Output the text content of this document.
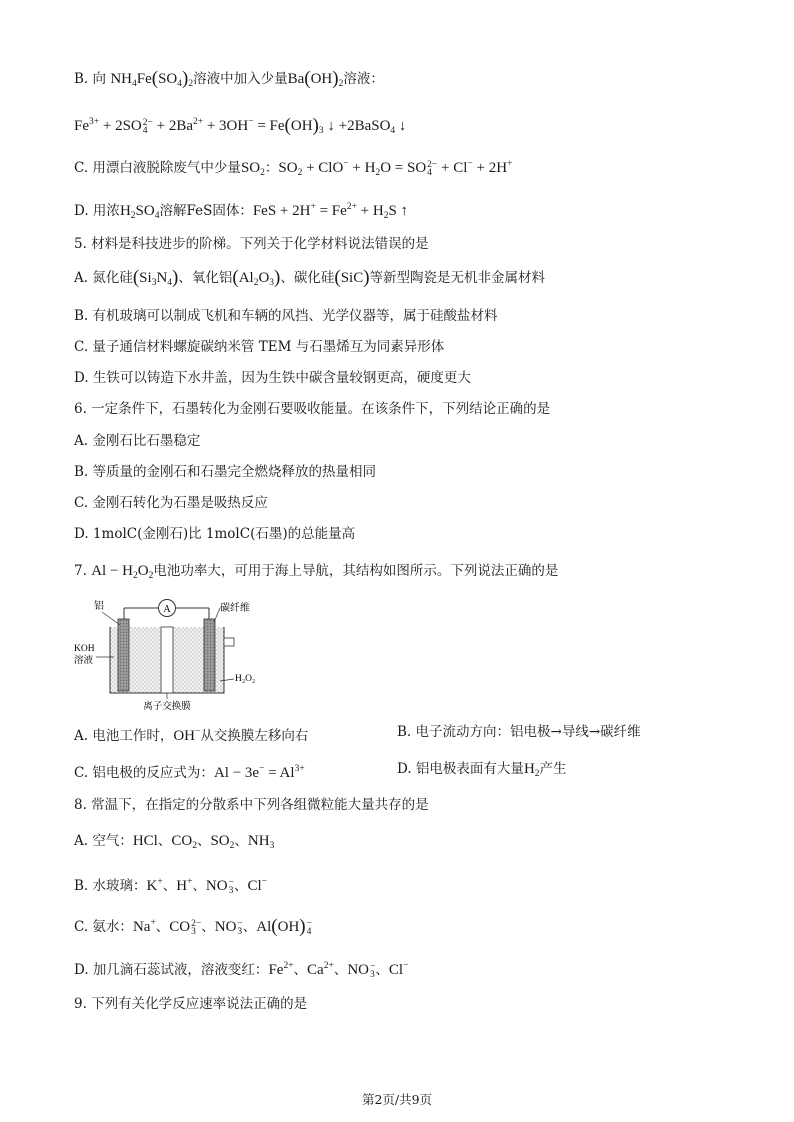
B. 向 $NH_4Fe(SO_4)_2$溶液中加入少量$Ba(OH)_2$溶液：
$Fe^{3+} + 2SO$ 2−
$4 + 2Ba^{2+} + 3OH^- = Fe(OH)_3$ ↓ +2BaSO$_4$ ↓
C. 用漂白液脱除废气中少量$SO_2$：$SO_2 + ClO^- + H_2O$ = SO 2−
4 + Cl− + 2H+
D. 用浓$H_2SO_4$溶解FeS固体：FeS + $2H^+ = Fe^{2+} + H_2S$ ↑
5. 材料是科技进步的阶梯。下列关于化学材料说法错误的是
A. 氮化硅$(Si_3N_4)$、氧化铝$(Al_2O_3)$、碳化硅(SiC)等新型陶瓷是无机非金属材料
B. 有机玻璃可以制成飞机和车辆的风挡、光学仪器等，属于硅酸盐材料
C. 量子通信材料螺旋碳纳米管 TEM 与石墨烯互为同素异形体
D. 生铁可以铸造下水井盖，因为生铁中碳含量较钢更高，硬度更大
6. 一定条件下，石墨转化为金刚石要吸收能量。在该条件下，下列结论正确的是
A. 金刚石比石墨稳定
B. 等质量的金刚石和石墨完全燃烧释放的热量相同
C. 金刚石转化为石墨是吸热反应
D. 1molC(金刚石)比 1molC(石墨)的总能量高
7. $Al - H_2O_2$电池功率大，可用于海上导航，其结构如图所示。下列说法正确的是
A
铝	碳纤维
KOH
溶液
H₂O₂
离子交换膜
A. 电池工作时，OH−从交换膜左移向右	B. 电子流动方向：铝电极→导线→碳纤维
C. 铝电极的反应式为：$Al - 3e^- = Al^{3+}$	D. 铝电极表面有大量$H_2$产生
8. 常温下，在指定的分散系中下列各组微粒能大量共存的是
A. 空气：HCl、$CO_2$、$SO_2$、$NH_3$
B. 水玻璃：K+、H+、NO −
3 、Cl−
C. 氨水：Na+、CO 2−
3 、NO −
3 、Al(OH) −
4
D. 加几滴石蕊试液，溶液变红：$Fe^{2+}$、$Ca^{2+}$、NO −
3 、Cl−
9. 下列有关化学反应速率说法正确的是
第2页/共9页
